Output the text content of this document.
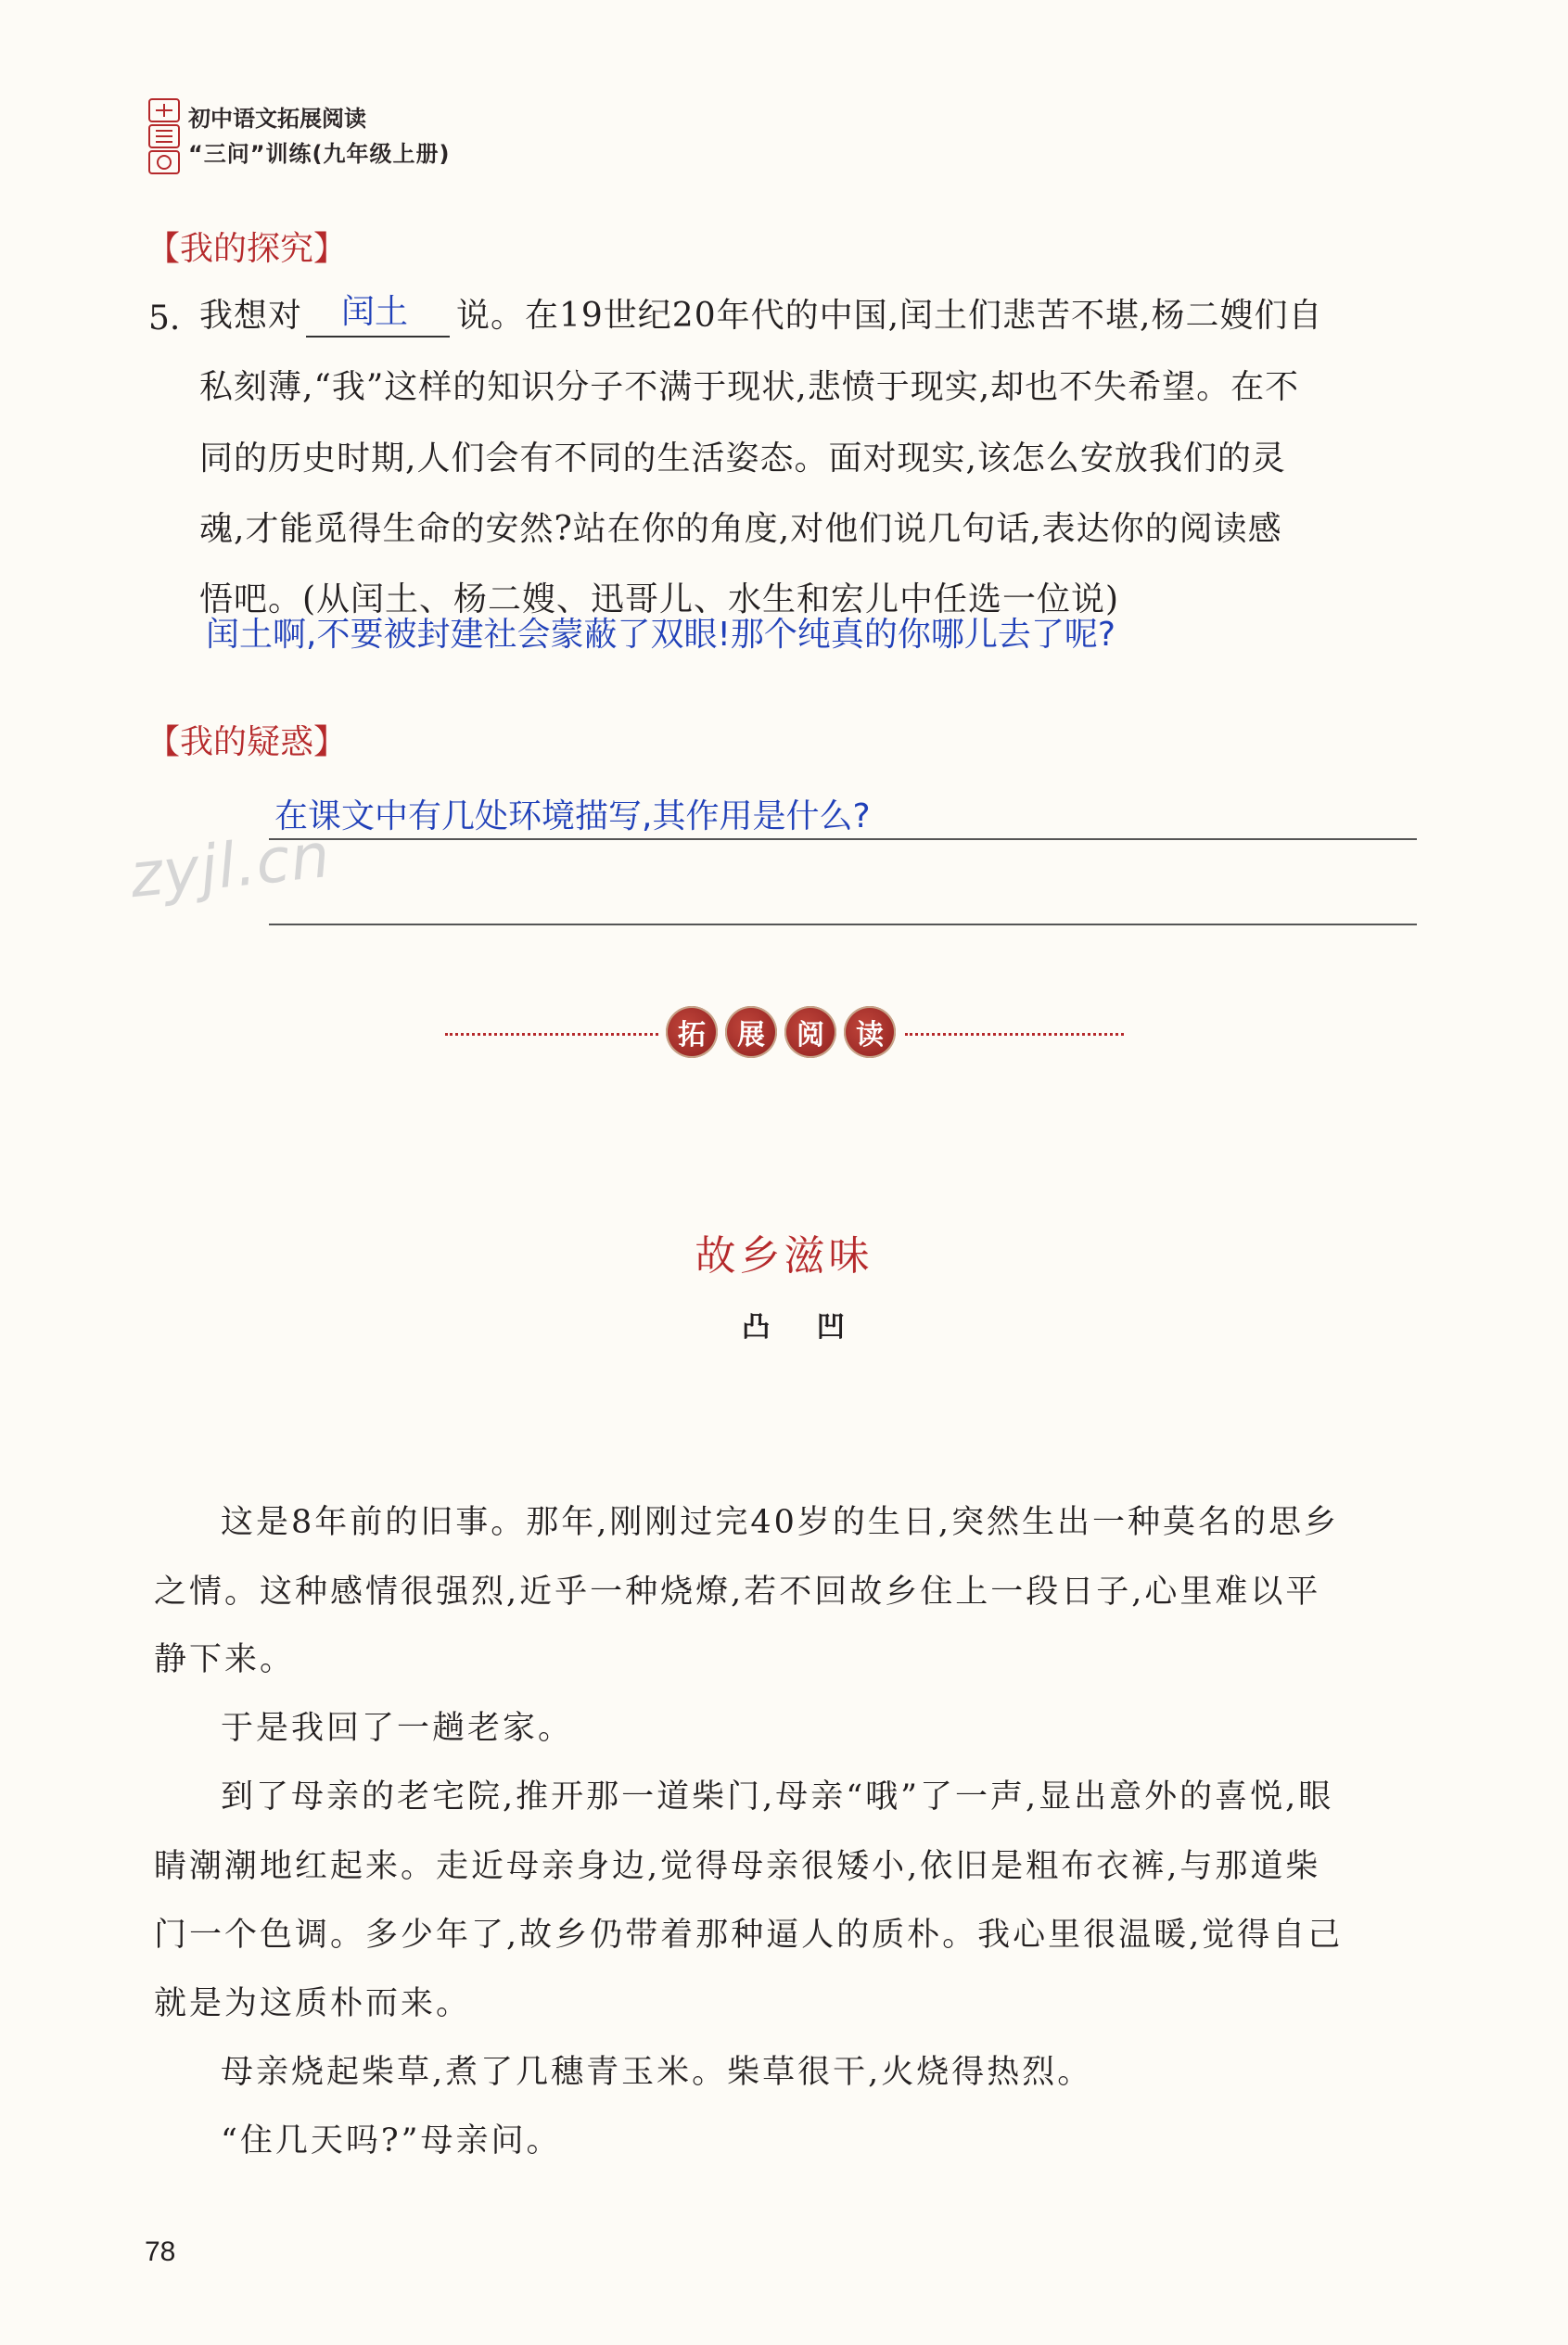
初中语文拓展阅读
“三问”训练(九年级上册)
【我的探究】
5. 我想对 闰土 说。在19世纪20年代的中国,闰土们悲苦不堪,杨二嫂们自
私刻薄,“我”这样的知识分子不满于现状,悲愤于现实,却也不失希望。在不
同的历史时期,人们会有不同的生活姿态。面对现实,该怎么安放我们的灵
魂,才能觅得生命的安然?站在你的角度,对他们说几句话,表达你的阅读感
悟吧。(从闰土、杨二嫂、迅哥儿、水生和宏儿中任选一位说)
闰土啊,不要被封建社会蒙蔽了双眼!那个纯真的你哪儿去了呢?
【我的疑惑】
在课文中有几处环境描写,其作用是什么?
zyjl.cn
拓	展	阅	读
故乡滋味
凸 凹
这是8年前的旧事。那年,刚刚过完40岁的生日,突然生出一种莫名的思乡
之情。这种感情很强烈,近乎一种烧燎,若不回故乡住上一段日子,心里难以平
静下来。
于是我回了一趟老家。
到了母亲的老宅院,推开那一道柴门,母亲“哦”了一声,显出意外的喜悦,眼
睛潮潮地红起来。走近母亲身边,觉得母亲很矮小,依旧是粗布衣裤,与那道柴
门一个色调。多少年了,故乡仍带着那种逼人的质朴。我心里很温暖,觉得自己
就是为这质朴而来。
母亲烧起柴草,煮了几穗青玉米。柴草很干,火烧得热烈。
“住几天吗?”母亲问。
78
